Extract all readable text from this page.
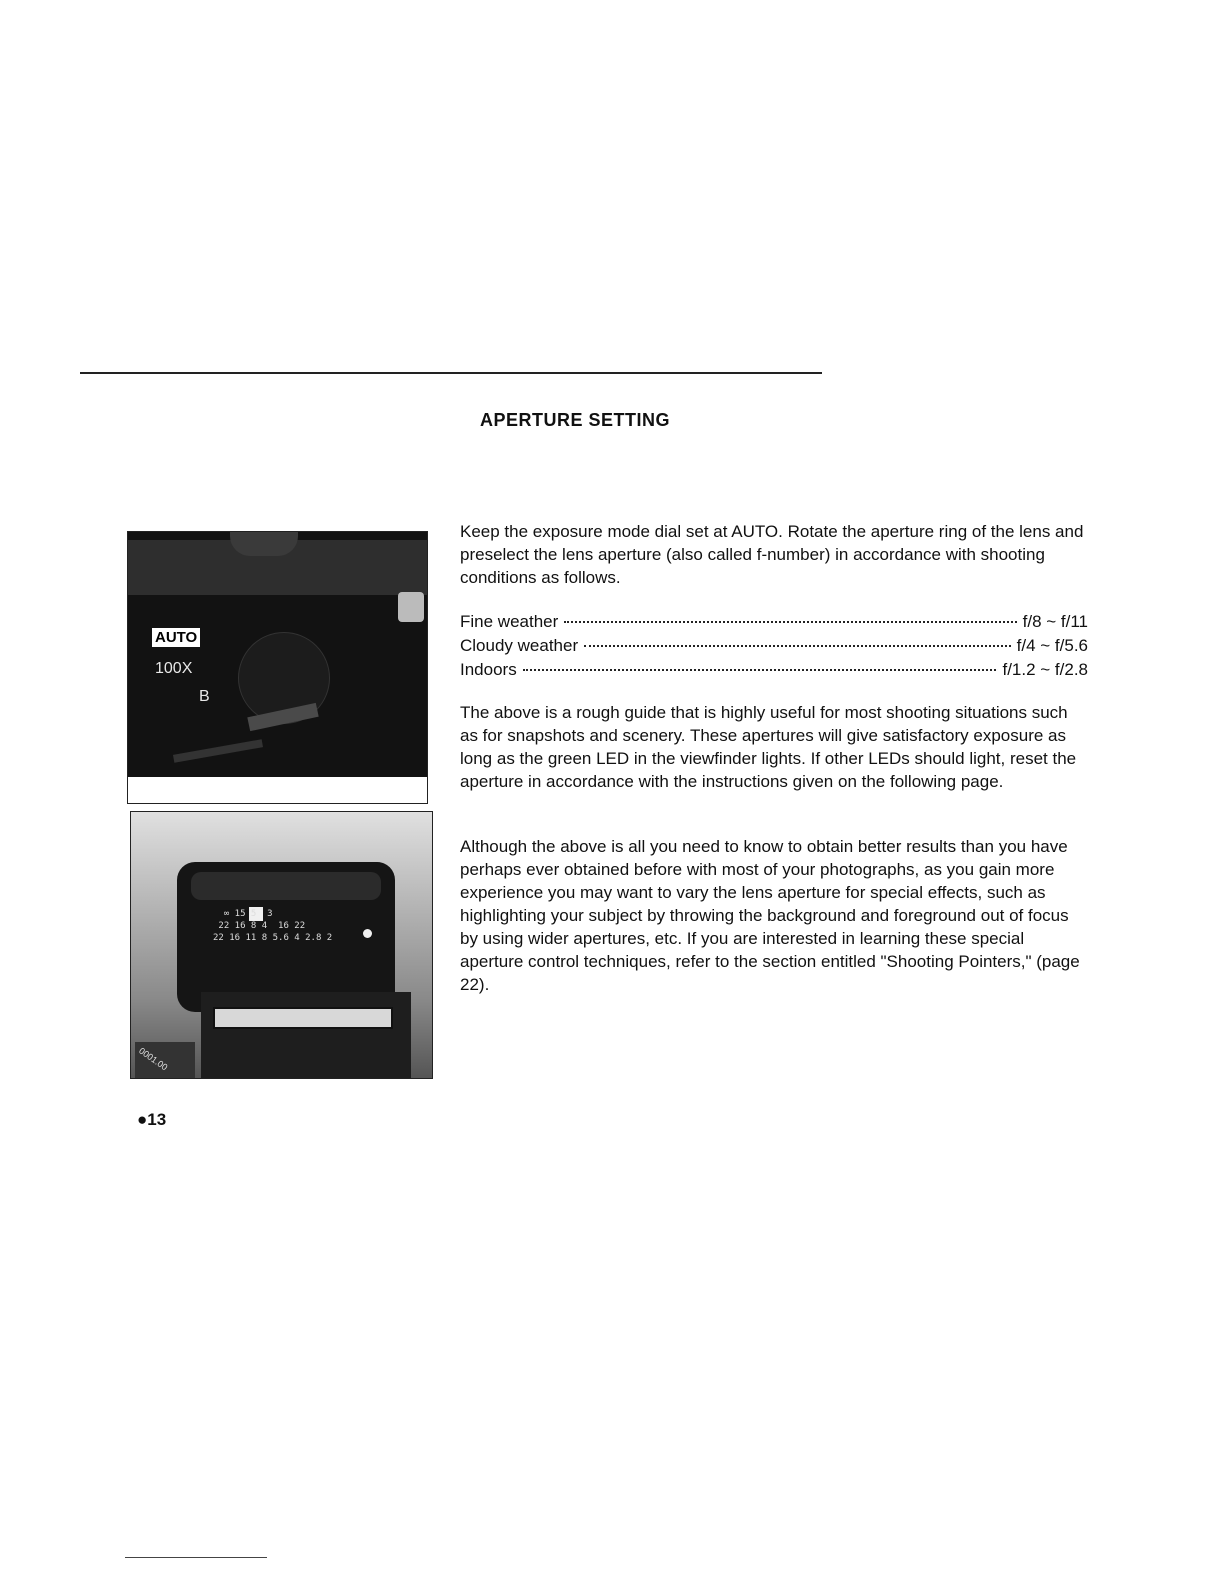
APERTURE SETTING
AUTO
100X
B
∞ 15 5  3
22 16 8 4  16 22
22 16 11 8 5.6 4 2.8 2
0001.00

Keep the exposure mode dial set at AUTO. Rotate the aperture ring of the lens and preselect the lens aperture (also called f-number) in accordance with shooting conditions as follows.

Fine weather	f/8 ~ f/11
Cloudy weather	f/4 ~ f/5.6
Indoors	f/1.2 ~ f/2.8

The above is a rough guide that is highly useful for most shooting situations such as for snapshots and scenery. These apertures will give satisfactory exposure as long as the green LED in the viewfinder lights. If other LEDs should light, reset the aperture in accordance with the instructions given on the following page.

Although the above is all you need to know to obtain better results than you have perhaps ever obtained before with most of your photographs, as you gain more experience you may want to vary the lens aperture for special effects, such as highlighting your subject by throwing the background and foreground out of focus by using wider apertures, etc. If you are interested in learning these special aperture control techniques, refer to the section entitled "Shooting Pointers," (page 22).

●13
